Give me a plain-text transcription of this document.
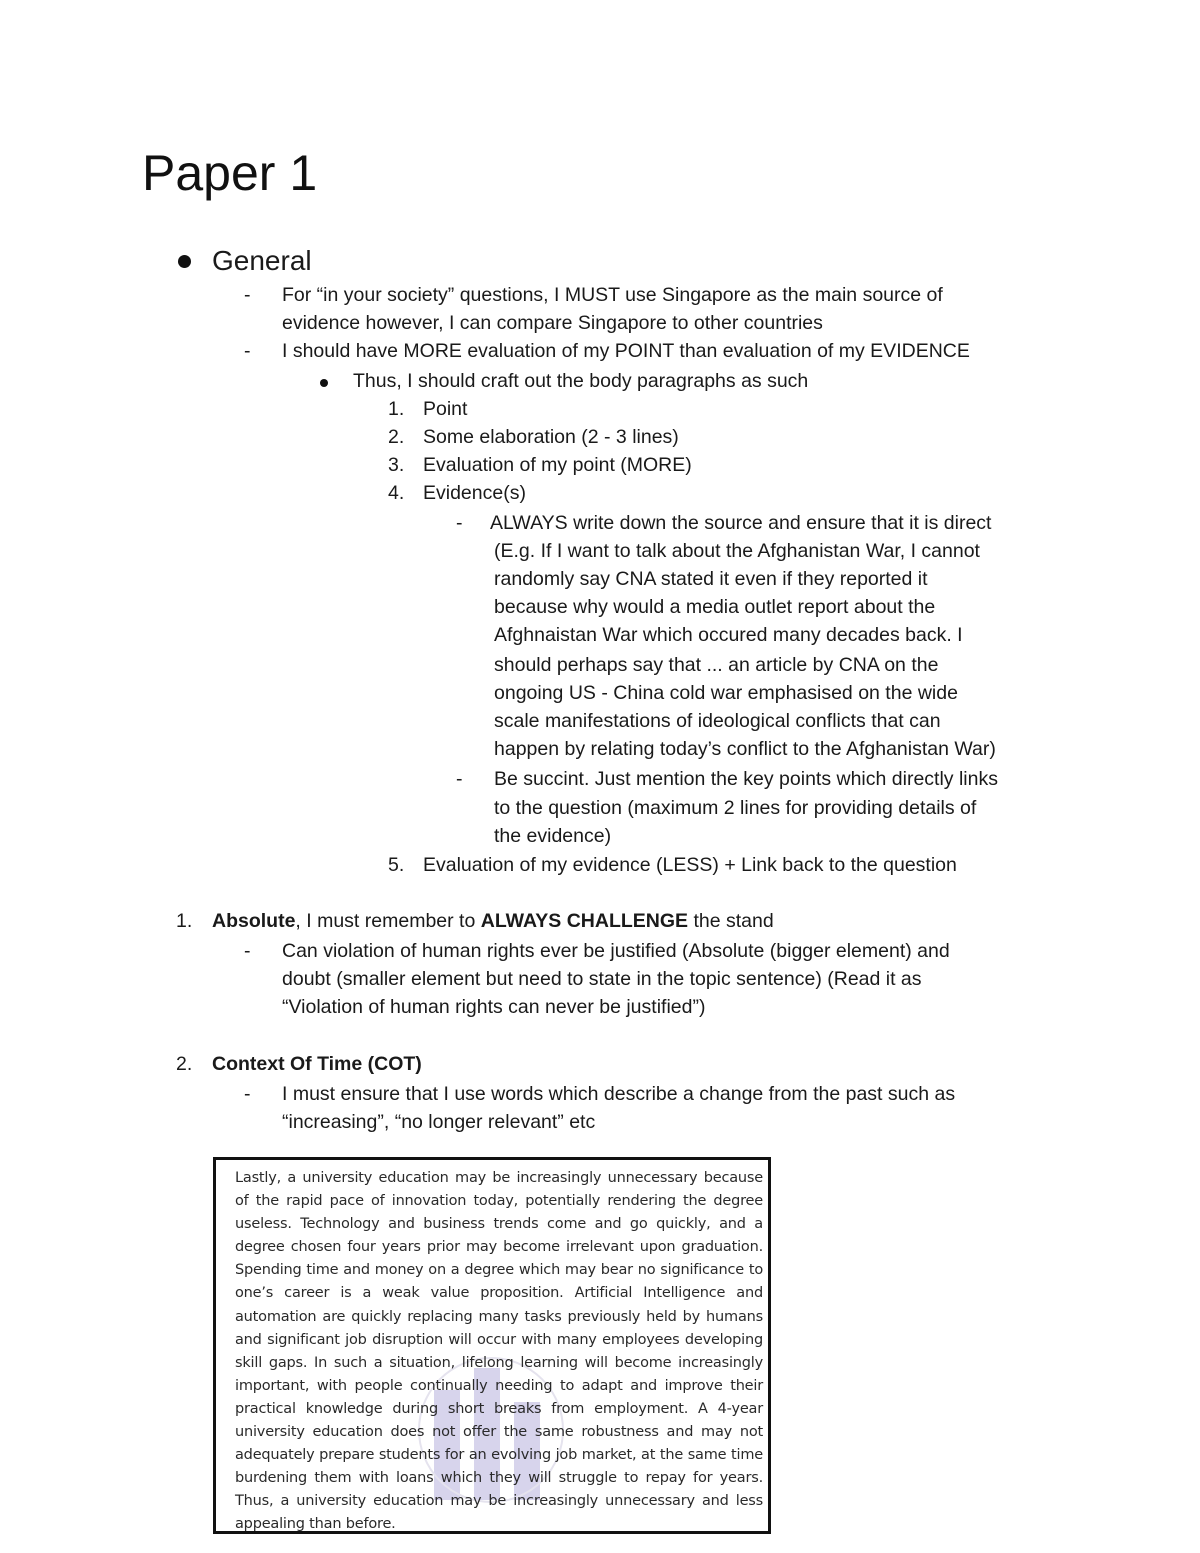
Paper 1
General
- For “in your society” questions, I MUST use Singapore as the main source of
evidence however, I can compare Singapore to other countries
- I should have MORE evaluation of my POINT than evaluation of my EVIDENCE
Thus, I should craft out the body paragraphs as such
1. Point
2. Some elaboration (2 - 3 lines)
3. Evaluation of my point (MORE)
4. Evidence(s)
- ALWAYS write down the source and ensure that it is direct
(E.g. If I want to talk about the Afghanistan War, I cannot
randomly say CNA stated it even if they reported it
because why would a media outlet report about the
Afghnaistan War which occured many decades back. I
should perhaps say that ... an article by CNA on the
ongoing US - China cold war emphasised on the wide
scale manifestations of ideological conflicts that can
happen by relating today’s conflict to the Afghanistan War)
- Be succint. Just mention the key points which directly links
to the question (maximum 2 lines for providing details of
the evidence)
5. Evaluation of my evidence (LESS) + Link back to the question
1. Absolute, I must remember to ALWAYS CHALLENGE the stand
- Can violation of human rights ever be justified (Absolute (bigger element) and
doubt (smaller element but need to state in the topic sentence) (Read it as
“Violation of human rights can never be justified”)
2. Context Of Time (COT)
- I must ensure that I use words which describe a change from the past such as
“increasing”, “no longer relevant” etc
Lastly, a university education may be increasingly unnecessary because of the rapid pace of innovation today, potentially rendering the degree useless. Technology and business trends come and go quickly, and a degree chosen four years prior may become irrelevant upon graduation. Spending time and money on a degree which may bear no significance to one’s career is a weak value proposition. Artificial Intelligence and automation are quickly replacing many tasks previously held by humans and significant job disruption will occur with many employees developing skill gaps. In such a situation, lifelong learning will become increasingly important, with people continually needing to adapt and improve their practical knowledge during short breaks from employment. A 4-year university education does not offer the same robustness and may not adequately prepare students for an evolving job market, at the same time burdening them with loans which they will struggle to repay for years. Thus, a university education may be increasingly unnecessary and less appealing than before.
